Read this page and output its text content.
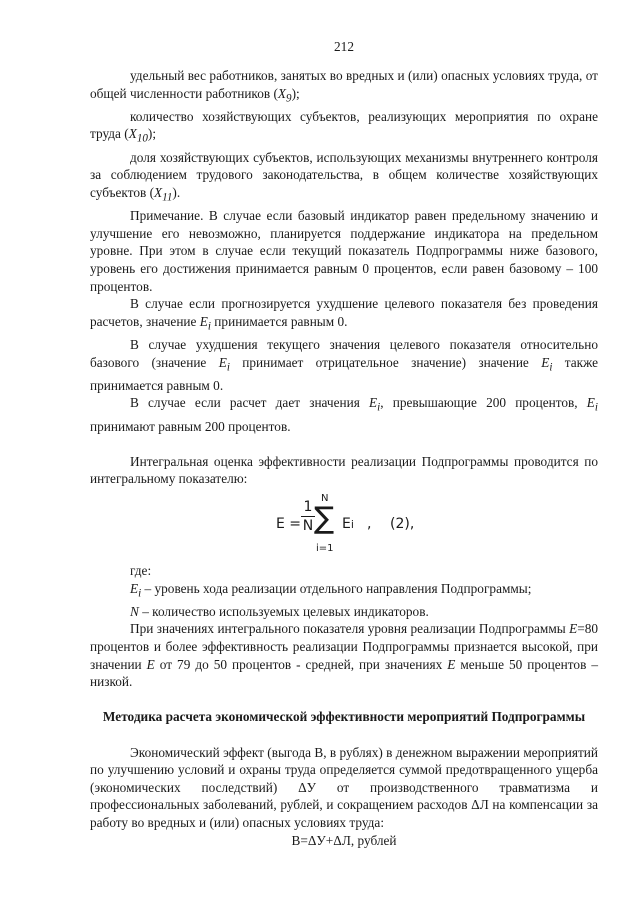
212

удельный вес работников, занятых во вредных и (или) опасных условиях труда, от общей численности работников $(X_9)$;

количество хозяйствующих субъектов, реализующих мероприятия по охране труда $(X_{10})$;

доля хозяйствующих субъектов, использующих механизмы внутреннего контроля за соблюдением трудового законодательства, в общем количестве хозяйствующих субъектов $(X_{11})$.

Примечание. В случае если базовый индикатор равен предельному значению и улучшение его невозможно, планируется поддержание индикатора на предельном уровне. При этом в случае если текущий показатель Подпрограммы ниже базового, уровень его достижения принимается равным 0 процентов, если равен базовому – 100 процентов.

В случае если прогнозируется ухудшение целевого показателя без проведения расчетов, значение $E_i$ принимается равным 0.

В случае ухудшения текущего значения целевого показателя относительно базового (значение $E_i$ принимает отрицательное значение) значение $E_i$ также принимается равным 0.

В случае если расчет дает значения $E_i$, превышающие 200 процентов, $E_i$ принимают равным 200 процентов.

Интегральная оценка эффективности реализации Подпрограммы проводится по интегральному показателю:

$E = \frac{1}{N}$ N
∑
i=1
Ei , (2),

где:

$E_i$ – уровень хода реализации отдельного направления Подпрограммы;

N – количество используемых целевых индикаторов.

При значениях интегрального показателя уровня реализации Подпрограммы E=80 процентов и более эффективность реализации Подпрограммы признается высокой, при значении E от 79 до 50 процентов - средней, при значениях E меньше 50 процентов – низкой.

Методика расчета экономической эффективности мероприятий Подпрограммы

Экономический эффект (выгода В, в рублях) в денежном выражении мероприятий по улучшению условий и охраны труда определяется суммой предотвращенного ущерба (экономических последствий) ΔУ от производственного травматизма и профессиональных заболеваний, рублей, и сокращением расходов ΔЛ на компенсации за работу во вредных и (или) опасных условиях труда:

В=ΔУ+ΔЛ, рублей
